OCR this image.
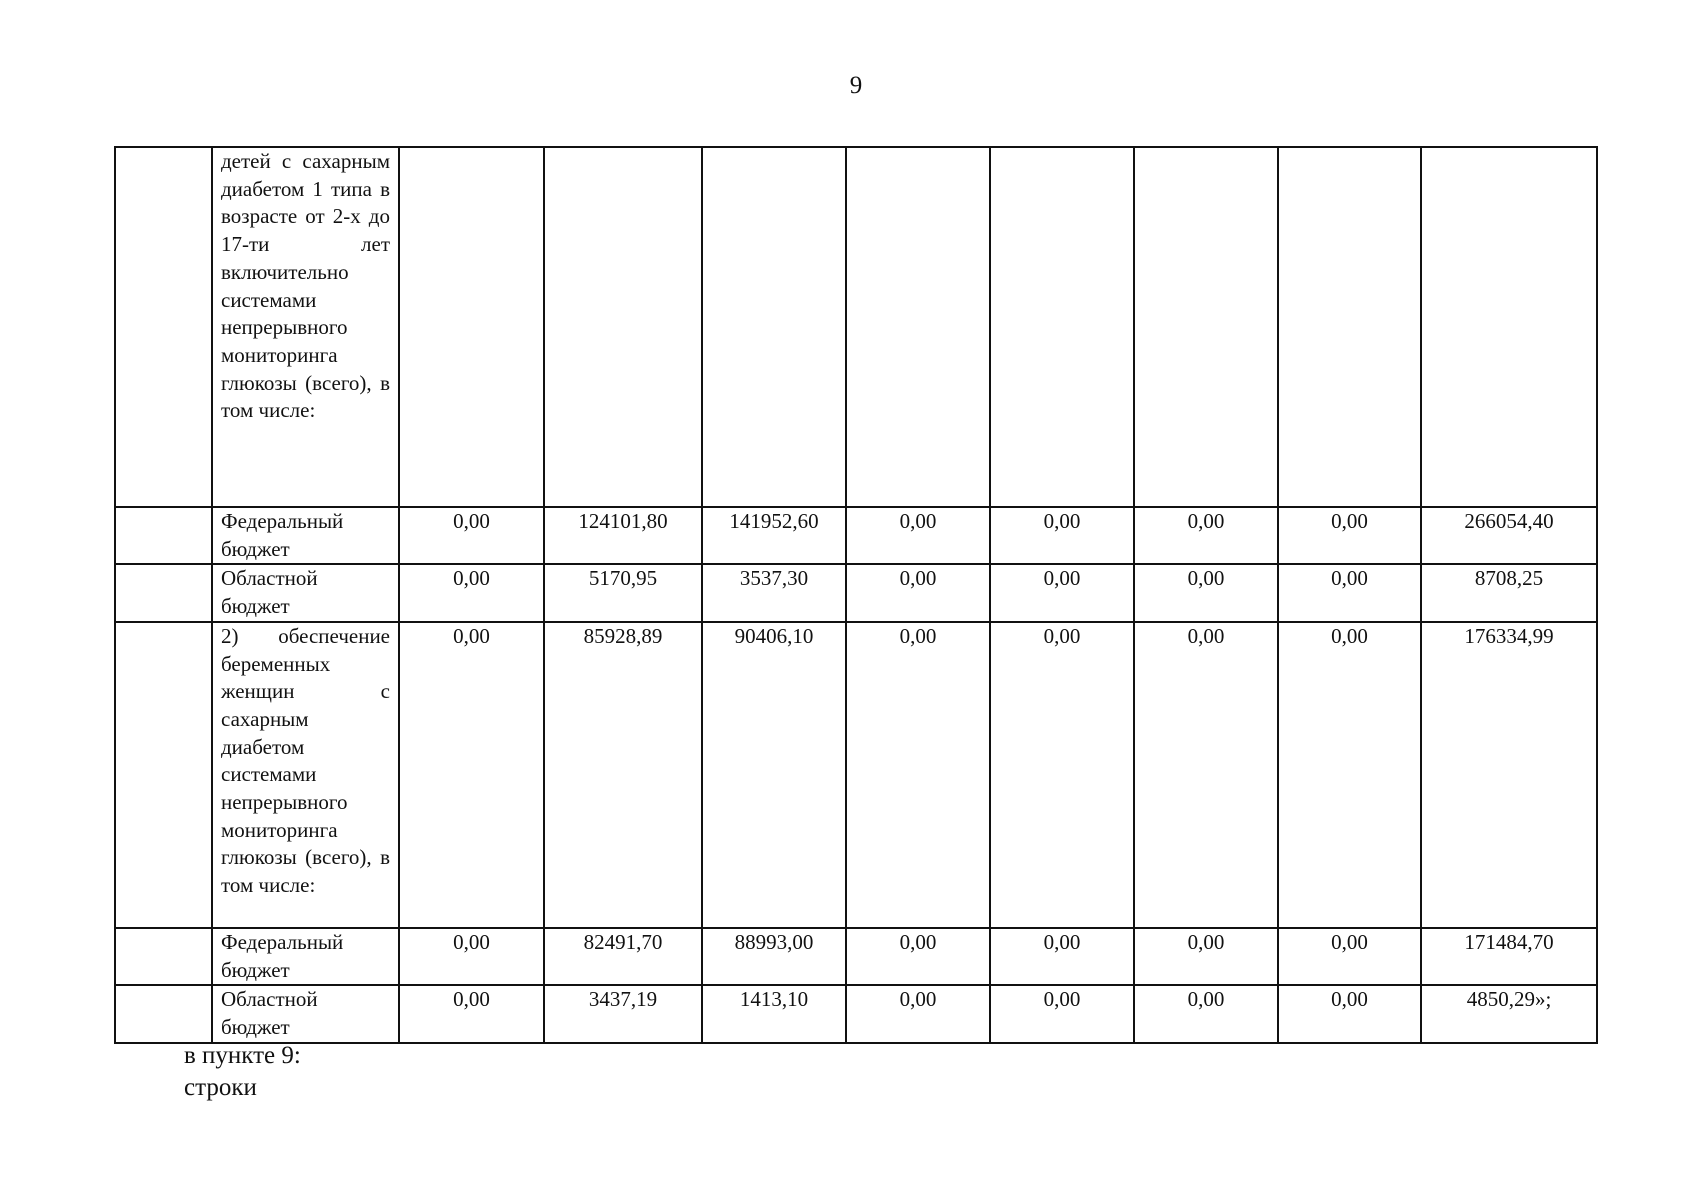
9
	детей с сахарным диабетом 1 типа в возрасте от 2-х до 17-ти лет включительно системами непрерывного мониторинга глюкозы (всего), в том числе:								
	Федеральный бюджет	0,00	124101,80	141952,60	0,00	0,00	0,00	0,00	266054,40
	Областной бюджет	0,00	5170,95	3537,30	0,00	0,00	0,00	0,00	8708,25
	2) обеспечение беременных женщин с сахарным диабетом системами непрерывного мониторинга глюкозы (всего), в том числе:	0,00	85928,89	90406,10	0,00	0,00	0,00	0,00	176334,99
	Федеральный бюджет	0,00	82491,70	88993,00	0,00	0,00	0,00	0,00	171484,70
	Областной бюджет	0,00	3437,19	1413,10	0,00	0,00	0,00	0,00	4850,29»;
в пункте 9:
строки
